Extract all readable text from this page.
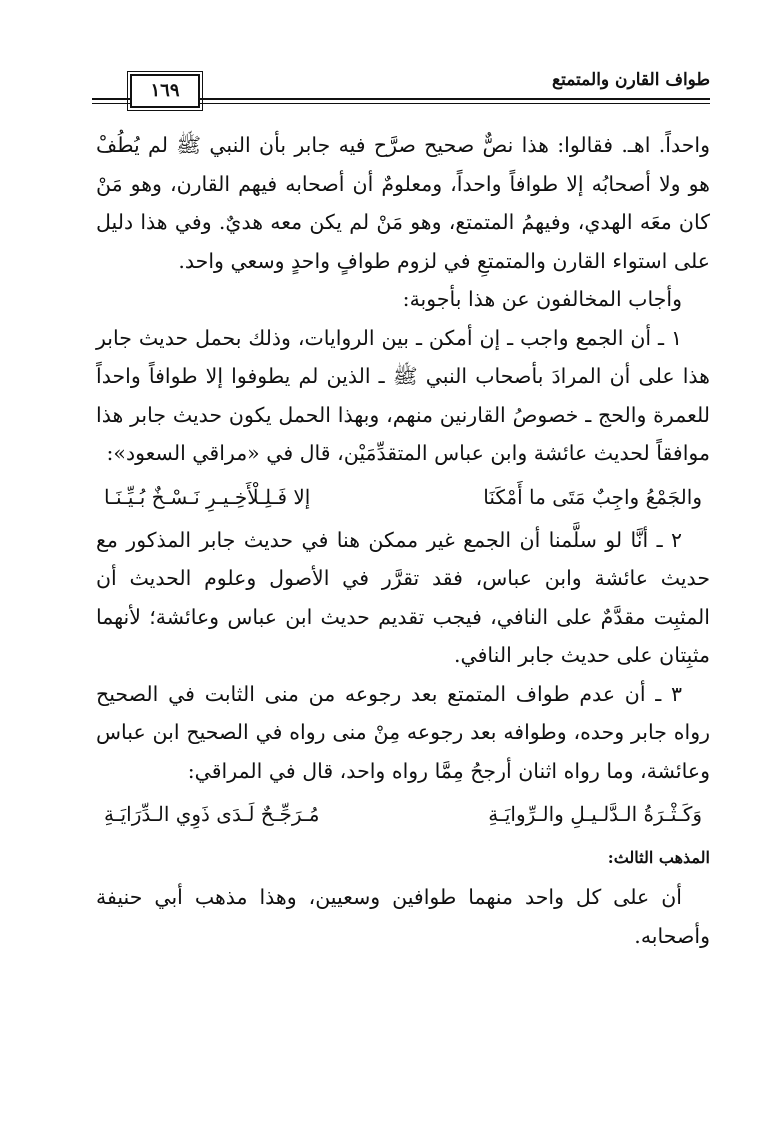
طواف القارن والمتمتع
١٦٩

واحداً. اهـ. فقالوا: هذا نصٌّ صحيح صرَّح فيه جابر بأن النبي ﷺ لم يُطُفْ هو ولا أصحابُه إلا طوافاً واحداً، ومعلومٌ أن أصحابه فيهم القارن، وهو مَنْ كان معَه الهدي، وفيهمُ المتمتع، وهو مَنْ لم يكن معه هديٌ. وفي هذا دليل على استواء القارن والمتمتعِ في لزوم طوافٍ واحدٍ وسعي واحد.

وأجاب المخالفون عن هذا بأجوبة:

١ ـ أن الجمع واجب ـ إن أمكن ـ بين الروايات، وذلك بحمل حديث جابر هذا على أن المرادَ بأصحاب النبي ﷺ ـ الذين لم يطوفوا إلا طوافاً واحداً للعمرة والحج ـ خصوصُ القارنين منهم، وبهذا الحمل يكون حديث جابر هذا موافقاً لحديث عائشة وابن عباس المتقدِّمَيْن، قال في «مراقي السعود»:

والجَمْعُ واجِبٌ مَتَى ما أَمْكَنَا
إلا فَـلِـلْأَخِـيـرِ نَـسْـخٌ بُـيِّـنَـا

٢ ـ أنَّا لو سلَّمنا أن الجمع غير ممكن هنا في حديث جابر المذكور مع حديث عائشة وابن عباس، فقد تقرَّر في الأصول وعلوم الحديث أن المثبِت مقدَّمٌ على النافي، فيجب تقديم حديث ابن عباس وعائشة؛ لأنهما مثبِتان على حديث جابر النافي.

٣ ـ أن عدم طواف المتمتع بعد رجوعه من منى الثابت في الصحيح رواه جابر وحده، وطوافه بعد رجوعه مِنْ منى رواه في الصحيح ابن عباس وعائشة، وما رواه اثنان أرجحُ مِمَّا رواه واحد، قال في المراقي:

وَكَـثْـرَةُ الـدَّلـيـلِ والـرِّوايَـةِ
مُـرَجِّـحٌ لَـدَى ذَوِي الـدِّرَايَـةِ
المذهب الثالث:

أن على كل واحد منهما طوافين وسعيين، وهذا مذهب أبي حنيفة وأصحابه.
